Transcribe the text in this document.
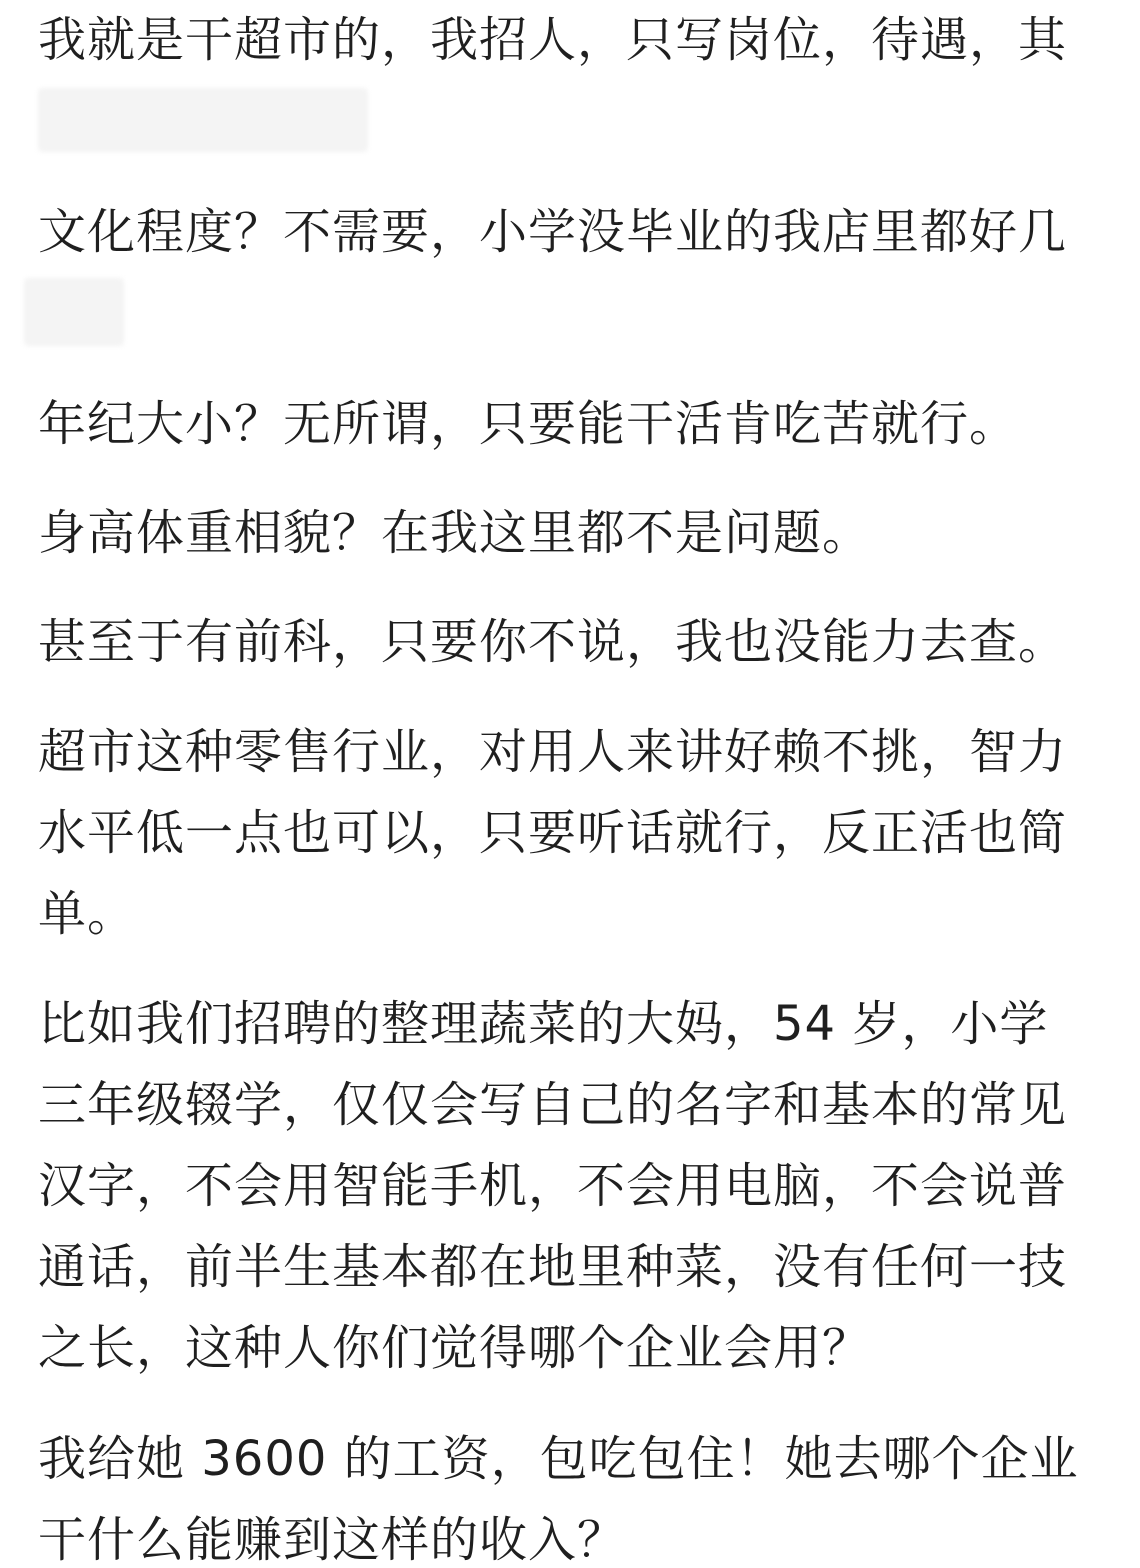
我就是干超市的，我招人，只写岗位，待遇，其
文化程度？不需要，小学没毕业的我店里都好几
年纪大小？无所谓，只要能干活肯吃苦就行。
身高体重相貌？在我这里都不是问题。
甚至于有前科，只要你不说，我也没能力去查。
超市这种零售行业，对用人来讲好赖不挑，智力
水平低一点也可以，只要听话就行，反正活也简
单。
比如我们招聘的整理蔬菜的大妈，54 岁，小学
三年级辍学，仅仅会写自己的名字和基本的常见
汉字，不会用智能手机，不会用电脑，不会说普
通话，前半生基本都在地里种菜，没有任何一技
之长，这种人你们觉得哪个企业会用？
我给她 3600 的工资，包吃包住！她去哪个企业
干什么能赚到这样的收入？
